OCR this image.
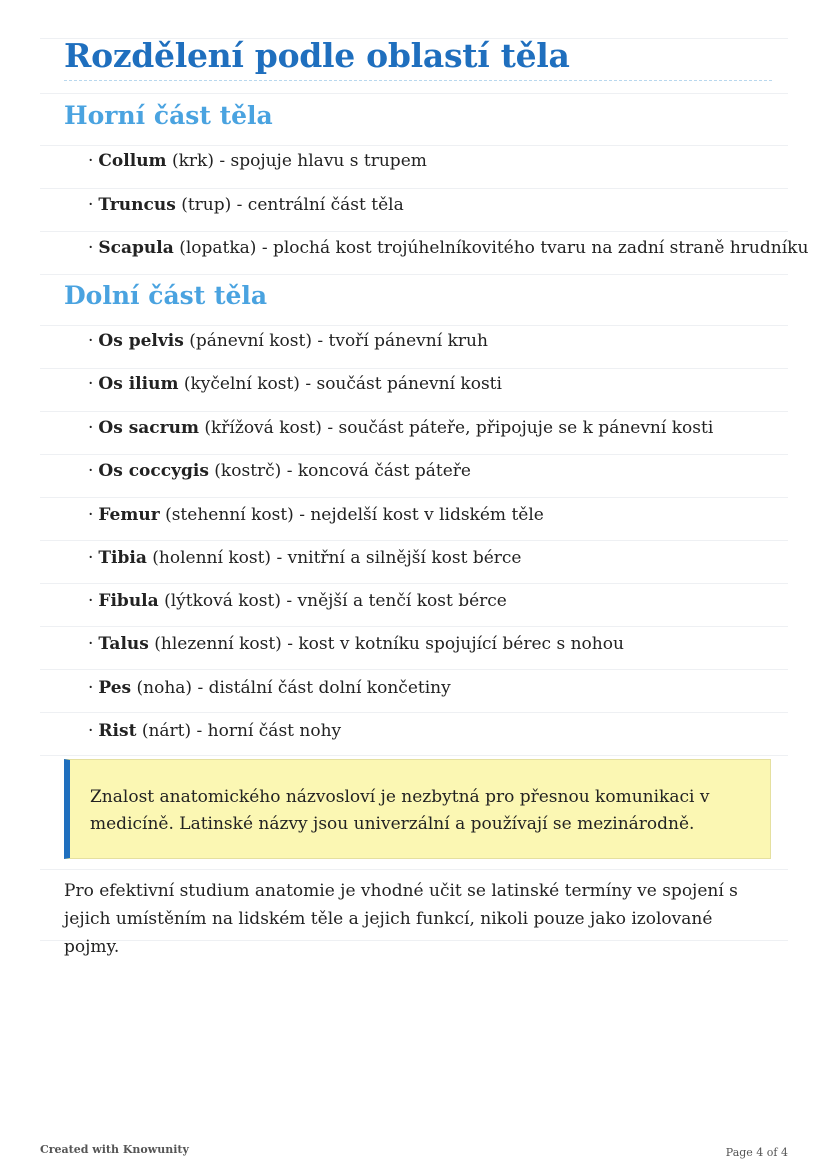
Rozdělení podle oblastí těla
Horní část těla

· Collum (krk) - spojuje hlavu s trupem

· Truncus (trup) - centrální část těla

· Scapula (lopatka) - plochá kost trojúhelníkovitého tvaru na zadní straně hrudníku

Dolní část těla

· Os pelvis (pánevní kost) - tvoří pánevní kruh

· Os ilium (kyčelní kost) - součást pánevní kosti

· Os sacrum (křížová kost) - součást páteře, připojuje se k pánevní kosti

· Os coccygis (kostrč) - koncová část páteře

· Femur (stehenní kost) - nejdelší kost v lidském těle

· Tibia (holenní kost) - vnitřní a silnější kost bérce

· Fibula (lýtková kost) - vnější a tenčí kost bérce

· Talus (hlezenní kost) - kost v kotníku spojující bérec s nohou

· Pes (noha) - distální část dolní končetiny

· Rist (nárt) - horní část nohy

Znalost anatomického názvosloví je nezbytná pro přesnou komunikaci v medicíně. Latinské názvy jsou univerzální a používají se mezinárodně.

Pro efektivní studium anatomie je vhodné učit se latinské termíny ve spojení s jejich umístěním na lidském těle a jejich funkcí, nikoli pouze jako izolované pojmy.

Created with Knowunity	Page 4 of 4
